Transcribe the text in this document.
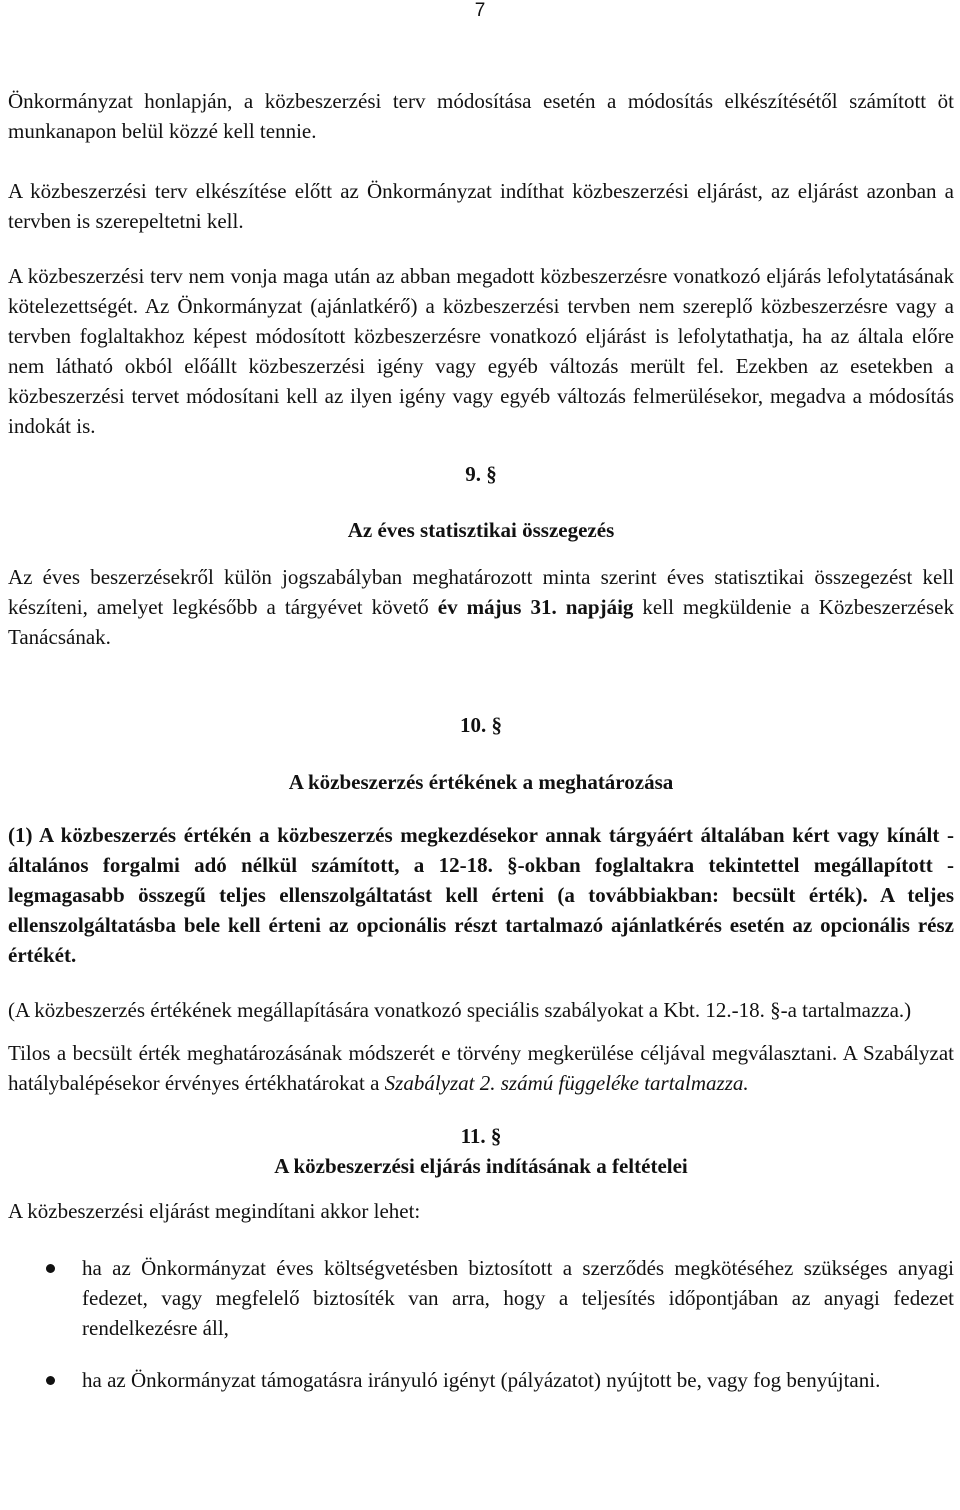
7

Önkormányzat honlapján, a közbeszerzési terv módosítása esetén a módosítás elkészítésétől számított öt munkanapon belül közzé kell tennie.

A közbeszerzési terv elkészítése előtt az Önkormányzat indíthat közbeszerzési eljárást, az eljárást azonban a tervben is szerepeltetni kell.

A közbeszerzési terv nem vonja maga után az abban megadott közbeszerzésre vonatkozó eljárás lefolytatásának kötelezettségét. Az Önkormányzat (ajánlatkérő) a közbeszerzési tervben nem szereplő közbeszerzésre vagy a tervben foglaltakhoz képest módosított közbeszerzésre vonatkozó eljárást is lefolytathatja, ha az általa előre nem látható okból előállt közbeszerzési igény vagy egyéb változás merült fel. Ezekben az esetekben a közbeszerzési tervet módosítani kell az ilyen igény vagy egyéb változás felmerülésekor, megadva a módosítás indokát is.

9. §
Az éves statisztikai összegezés

Az éves beszerzésekről külön jogszabályban meghatározott minta szerint éves statisztikai összegezést kell készíteni, amelyet legkésőbb a tárgyévet követő év május 31. napjáig kell megküldenie a Közbeszerzések Tanácsának.

10. §
A közbeszerzés értékének a meghatározása

(1) A közbeszerzés értékén a közbeszerzés megkezdésekor annak tárgyáért általában kért vagy kínált - általános forgalmi adó nélkül számított, a 12-18. §-okban foglaltakra tekintettel megállapított - legmagasabb összegű teljes ellenszolgáltatást kell érteni (a továbbiakban: becsült érték). A teljes ellenszolgáltatásba bele kell érteni az opcionális részt tartalmazó ajánlatkérés esetén az opcionális rész értékét.

(A közbeszerzés értékének megállapítására vonatkozó speciális szabályokat a Kbt. 12.-18. §-a tartalmazza.)

Tilos a becsült érték meghatározásának módszerét e törvény megkerülése céljával megválasztani. A Szabályzat hatálybalépésekor érvényes értékhatárokat a Szabályzat 2. számú függeléke tartalmazza.

11. §
A közbeszerzési eljárás indításának a feltételei

A közbeszerzési eljárást megindítani akkor lehet:

ha az Önkormányzat éves költségvetésben biztosított a szerződés megkötéséhez szükséges anyagi fedezet, vagy megfelelő biztosíték van arra, hogy a teljesítés időpontjában az anyagi fedezet rendelkezésre áll,
ha az Önkormányzat támogatásra irányuló igényt (pályázatot) nyújtott be, vagy fog benyújtani.
